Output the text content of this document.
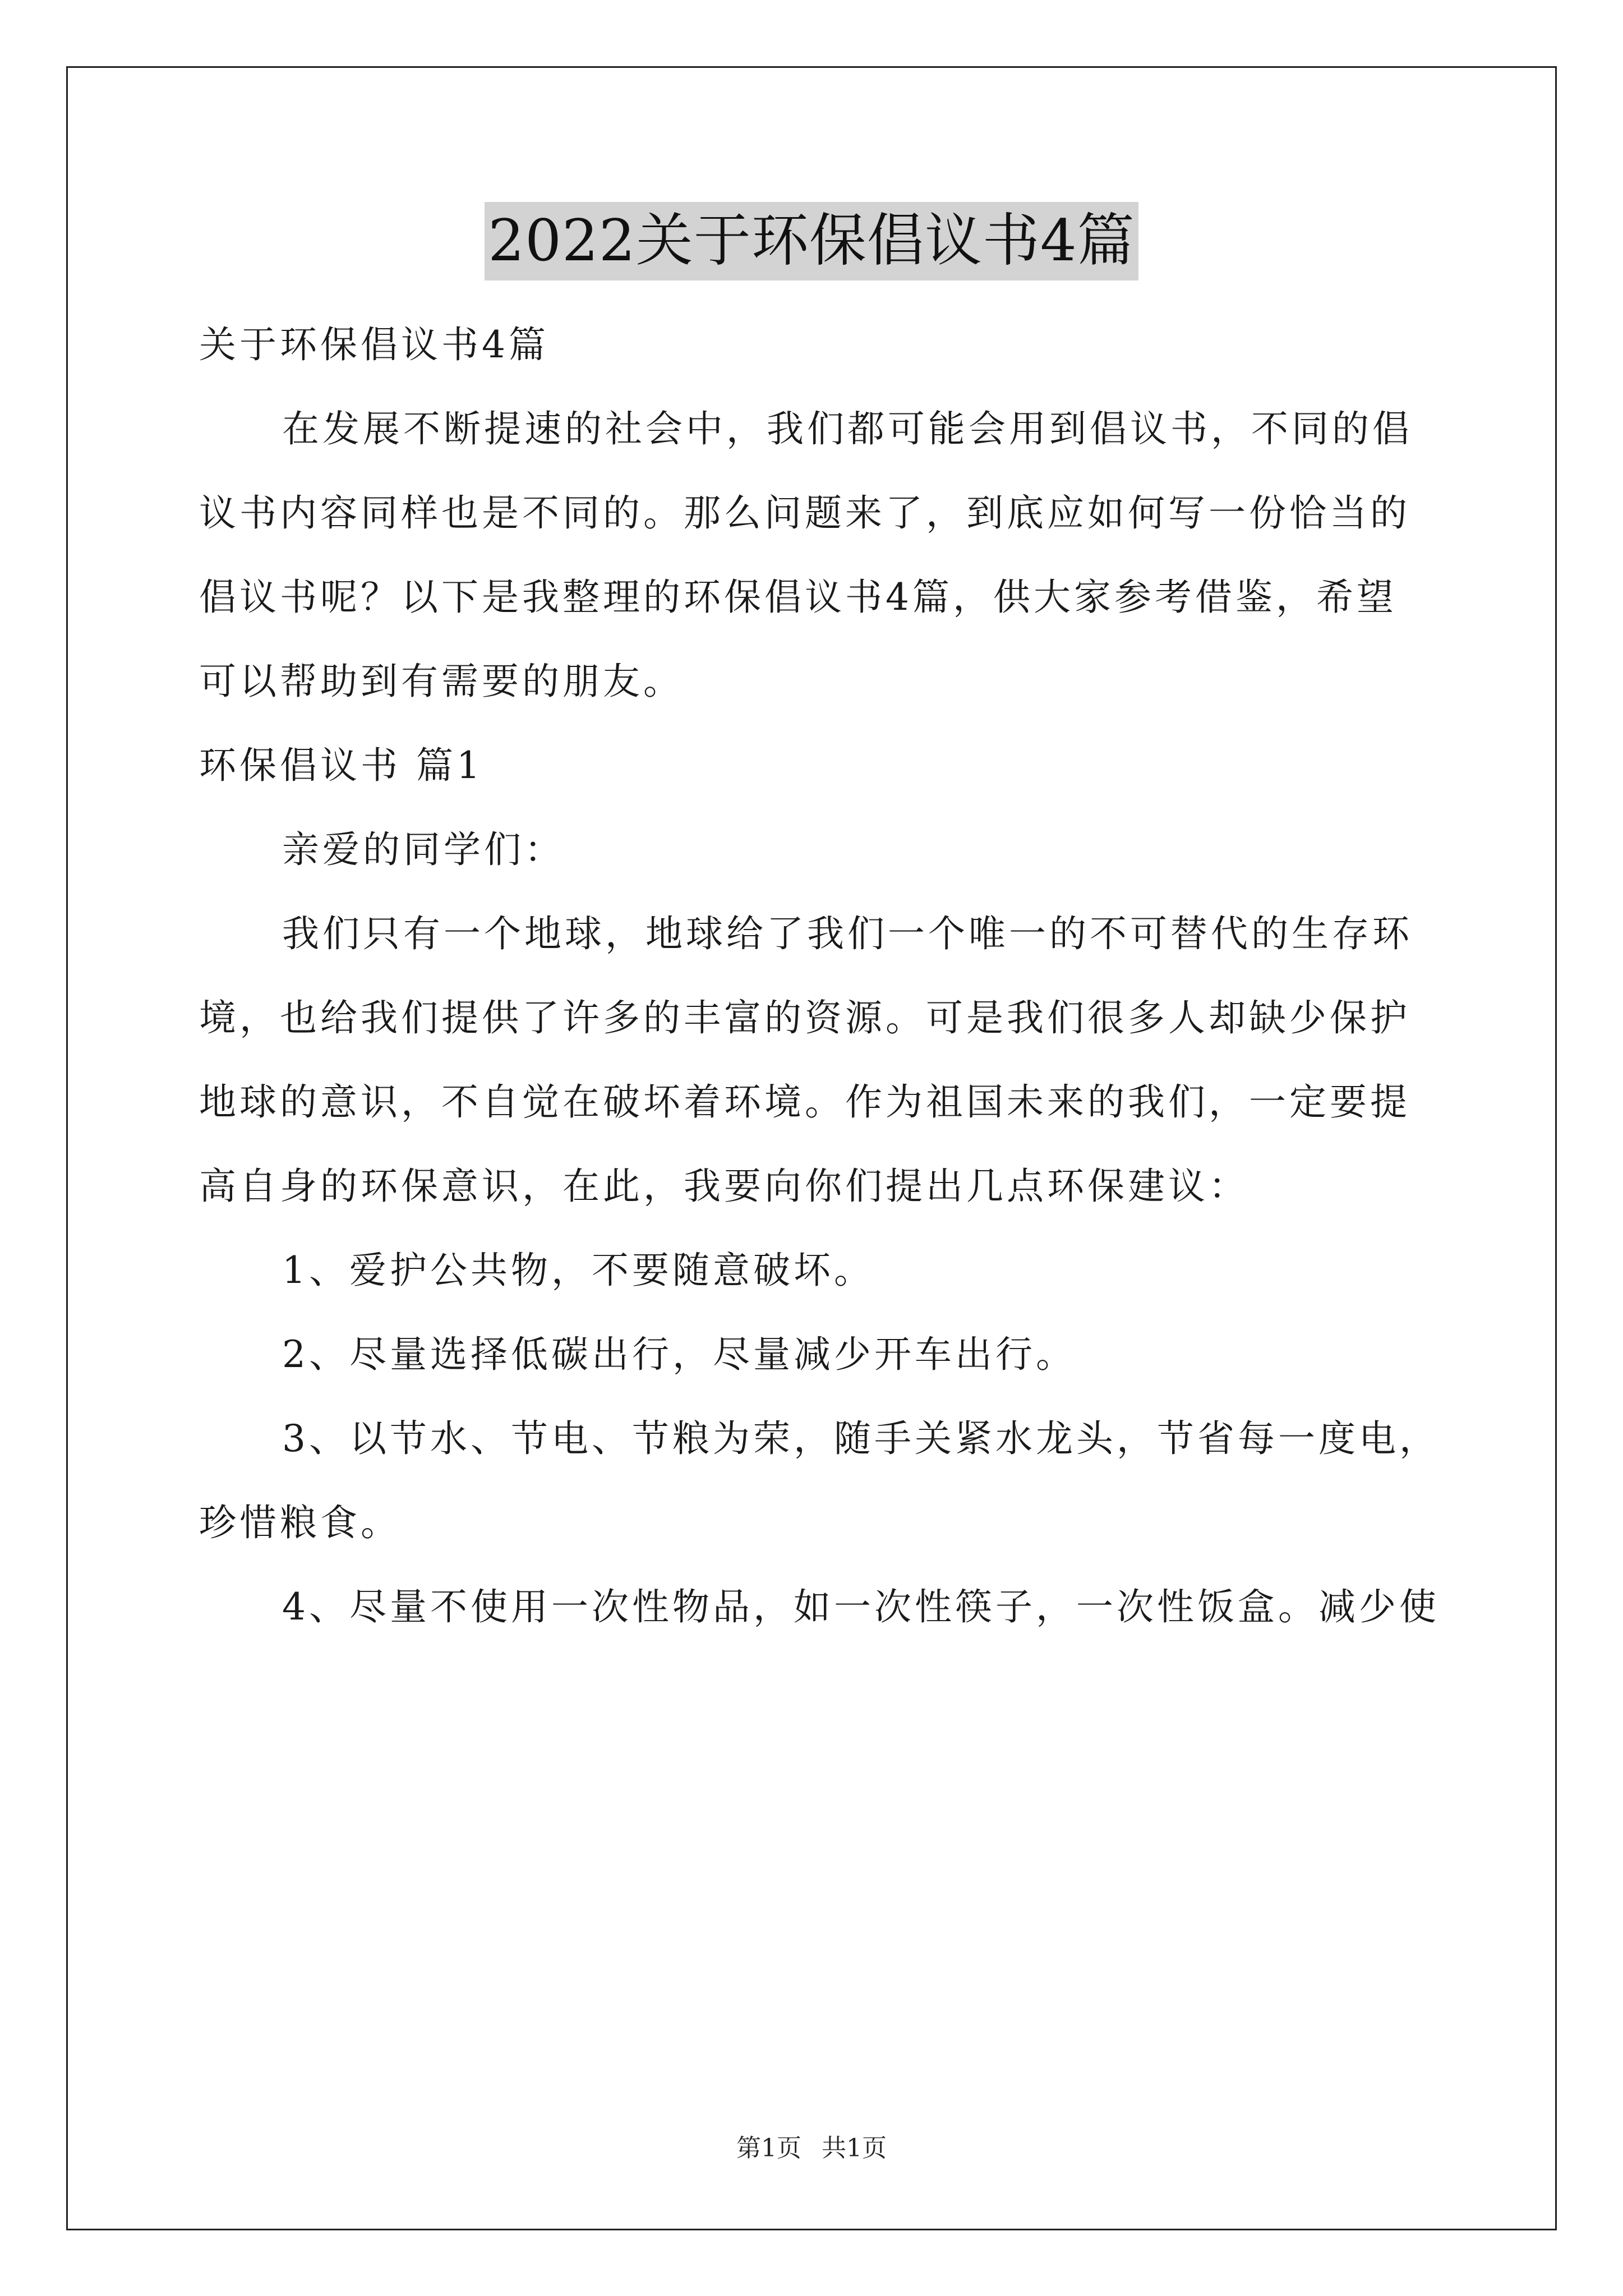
2022关于环保倡议书4篇

关于环保倡议书4篇

在发展不断提速的社会中，我们都可能会用到倡议书，不同的倡

议书内容同样也是不同的。那么问题来了，到底应如何写一份恰当的

倡议书呢？以下是我整理的环保倡议书4篇，供大家参考借鉴，希望

可以帮助到有需要的朋友。

环保倡议书 篇1

亲爱的同学们：

我们只有一个地球，地球给了我们一个唯一的不可替代的生存环

境，也给我们提供了许多的丰富的资源。可是我们很多人却缺少保护

地球的意识，不自觉在破坏着环境。作为祖国未来的我们，一定要提

高自身的环保意识，在此，我要向你们提出几点环保建议：

1、爱护公共物，不要随意破坏。

2、尽量选择低碳出行，尽量减少开车出行。

3、以节水、节电、节粮为荣，随手关紧水龙头，节省每一度电，

珍惜粮食。

4、尽量不使用一次性物品，如一次性筷子，一次性饭盒。减少使

第1页 共1页
